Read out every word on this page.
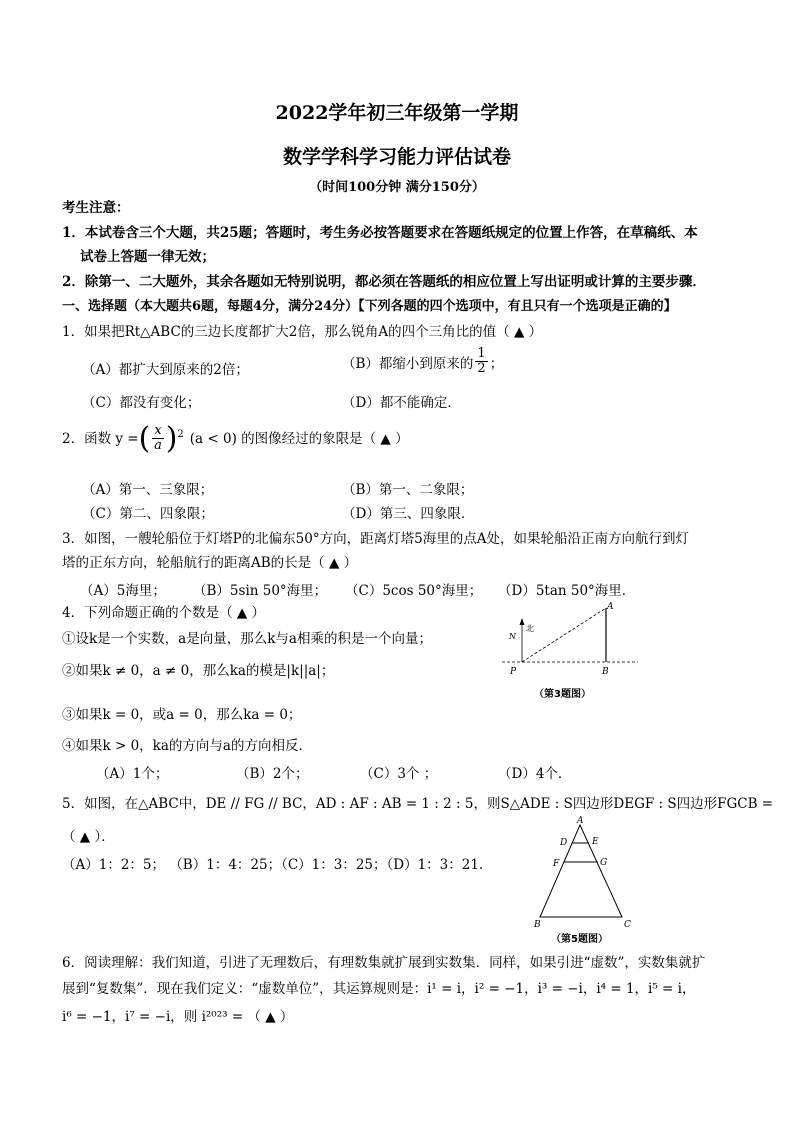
2022学年初三年级第一学期
数学学科学习能力评估试卷
（时间100分钟 满分150分）
考生注意：
1．本试卷含三个大题，共25题；答题时，考生务必按答题要求在答题纸规定的位置上作答，在草稿纸、本
试卷上答题一律无效；
2．除第一、二大题外，其余各题如无特别说明，都必须在答题纸的相应位置上写出证明或计算的主要步骤．
一、选择题（本大题共6题，每题4分，满分24分）【下列各题的四个选项中，有且只有一个选项是正确的】
1．如果把Rt△ABC的三边长度都扩大2倍，那么锐角A的四个三角比的值（ ▲ ）
（A）都扩大到原来的2倍；	（B）都缩小到原来的 $\frac{1}{2}$ ；
（C）都没有变化；	（D）都不能确定．
2．函数 y = ( $\frac{x}{a} )^2$ (a < 0) 的图像经过的象限是（ ▲ ）
（A）第一、三象限；	（B）第一、二象限；
（C）第二、四象限；	（D）第三、四象限．
3．如图，一艘轮船位于灯塔P的北偏东50°方向，距离灯塔5海里的点A处，如果轮船沿正南方向航行到灯
塔的正东方向，轮船航行的距离AB的长是（ ▲ ）
（A）5海里； （B）5sin 50°海里； （C）5cos 50°海里； （D）5tan 50°海里．
4．下列命题正确的个数是（ ▲ ）
①设k是一个实数，a是向量，那么k与a相乘的积是一个向量；
②如果k ≠ 0，a ≠ 0，那么ka的模是|k||a|；
③如果k = 0，或a = 0，那么ka = 0；
④如果k > 0，ka的方向与a的方向相反．
（A）1个；	（B）2个；	（C）3个 ；	（D）4个．
A
N
北
P	B
（第3题图）
5．如图，在△ABC中，DE // FG // BC，AD : AF : AB = 1 : 2 : 5，则S△ADE : S四边形DEGF : S四边形FGCB =
（ ▲ ）．
（A）1：2：5； （B）1：4：25；（C）1：3：25；（D）1：3：21．
A
D	E
F	G
B	C
（第5题图）
6．阅读理解：我们知道，引进了无理数后，有理数集就扩展到实数集．同样，如果引进“虚数”，实数集就扩
展到“复数集”．现在我们定义：“虚数单位”，其运算规则是：i¹ = i，i² = −1，i³ = −i，i⁴ = 1，i⁵ = i，
i⁶ = −1，i⁷ = −i，则 i²⁰²³ = （ ▲ ）
